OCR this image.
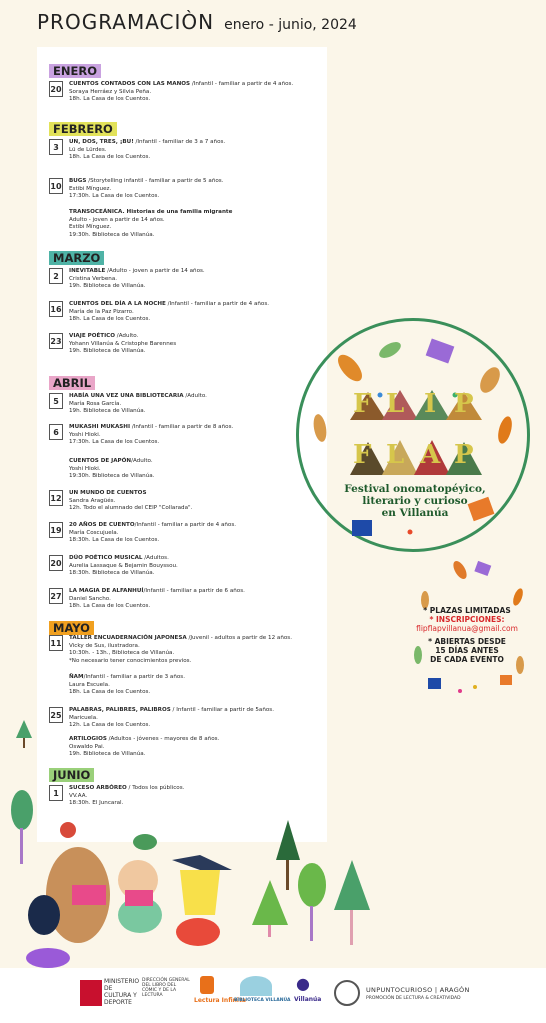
PROGRAMACIÒN enero - junio, 2024
ENERO
FEBRERO
MARZO
ABRIL
MAYO
JUNIO
20
CUENTOS CONTADOS CON LAS MANOS /Infantil - familiar a partir de 4 años.
Soraya Herráez y Silvia Peña.
18h. La Casa de los Cuentos.
3
UN, DOS, TRES, ¡BU! /Infantil - familiar de 3 a 7 años.
Lü de Lürdes.
18h. La Casa de los Cuentos.
10
BUGS /Storytelling infantil - familiar a partir de 5 años.
Estibi Mínguez.
17:30h. La Casa de los Cuentos.
TRANSOCEÁNICA. Historias de una familia migrante
Adulto - joven a partir de 14 años.
Estibi Mínguez.
19:30h. Biblioteca de Villanúa.
2
INEVITABLE /Adulto - joven a partir de 14 años.
Cristina Verbena.
19h. Biblioteca de Villanúa.
16
CUENTOS DEL DÍA A LA NOCHE /Infantil - familiar a partir de 4 años.
María de la Paz Pizarro.
18h. La Casa de los Cuentos.
23
VIAJE POÉTICO /Adulto.
Yohann Villanúa & Cristophe Barennes
19h. Biblioteca de Villanúa.
5
HABÍA UNA VEZ UNA BIBLIOTECARIA /Adulto.
María Rosa García.
19h. Biblioteca de Villanúa.
6
MUKASHI MUKASHI /Infantil - familiar a partir de 8 años.
Yoshi Hioki.
17:30h. La Casa de los Cuentos.
CUENTOS DE JAPÓN/Adulto.
Yoshi Hioki.
19:30h. Biblioteca de Villanúa.
12
UN MUNDO DE CUENTOS
Sandra Aragüés.
12h. Todo el alumnado del CEIP "Collarada".
19
20 AÑOS DE CUENTO/Infantil - familiar a partir de 4 años.
María Coscujuela.
18:30h. La Casa de los Cuentos.
20
DÚO POÉTICO MUSICAL /Adultos.
Aurelia Lassaque & Bejamin Bouyssou.
18:30h. Biblioteca de Villanúa.
27
LA MAGIA DE ALFANHUÍ/Infantil - familiar a partir de 6 años.
Daniel Sancho.
18h. La Casa de los Cuentos.
11
TALLER ENCUADERNACIÓN JAPONESA /Juvenil - adultos a partir de 12 años.
Vicky de Sus, ilustradora.
10:30h. - 13h., Biblioteca de Villanúa.
*No necesario tener conocimientos previos.
ÑAM/Infantil - familiar a partir de 3 años.
Laura Escuela.
18h. La Casa de los Cuentos.
25
PALABRAS, PALIBRES, PALIBROS / Infantil - familiar a partir de 5años.
Maricuela.
12h. La Casa de los Cuentos.
ARTILOGIOS /Adultos - jóvenes - mayores de 8 años.
Oswaldo Pai.
19h. Biblioteca de Villanúa.
1
SUCESO ARBÓREO / Todos los públicos.
VV.AA.
18:30h. El Juncaral.
F L I P
F L A P
Festival onomatopéyico,
literario y curioso
en Villanúa
* PLAZAS LIMITADAS
* INSCRIPCIONES:
flipflapvillanua@gmail.com
* ABIERTAS DESDE
15 DÍAS ANTES
DE CADA EVENTO
MINISTERIO DE CULTURA Y DEPORTE
DIRECCIÓN GENERAL DEL LIBRO DEL CÓMIC Y DE LA LECTURA
Lectura Infinita
BIBLIOTECA VILLANÚA
●
Villanúa
UNPUNTOCURIOSO | ARAGÓN
PROMOCIÓN DE LECTURA & CREATIVIDAD
